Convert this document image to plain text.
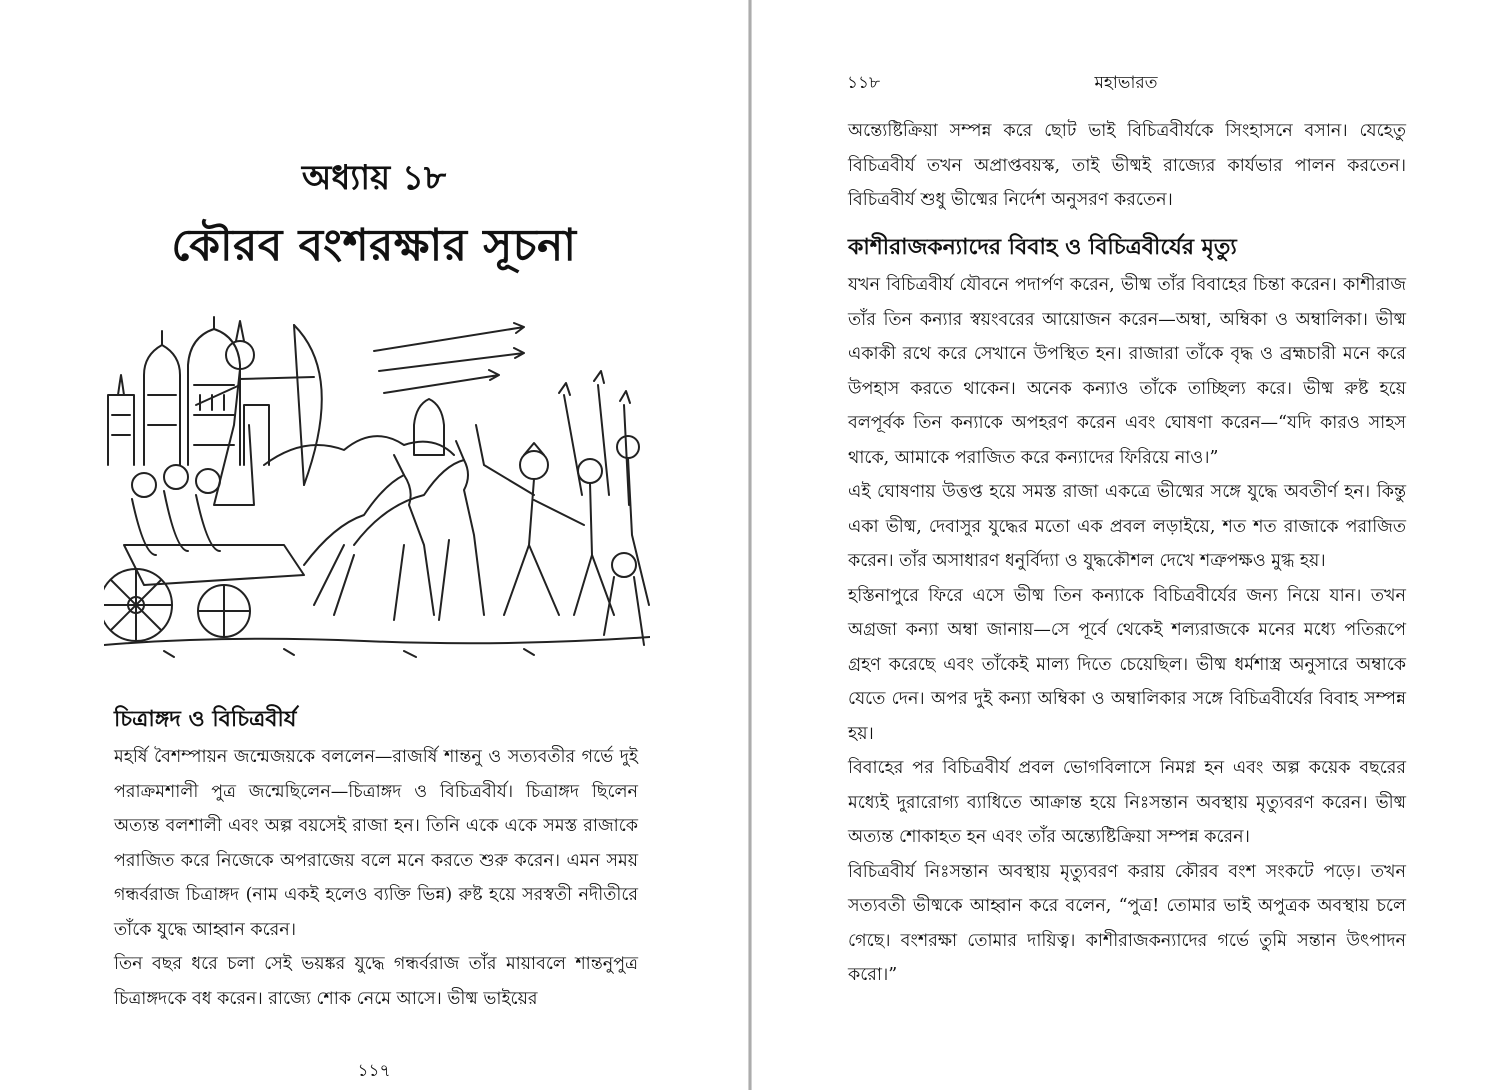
অধ্যায় ১৮
কৌরব বংশরক্ষার সূচনা
চিত্রাঙ্গদ ও বিচিত্রবীর্য

মহর্ষি বৈশম্পায়ন জন্মেজয়কে বললেন—রাজর্ষি শান্তনু ও সত্যবতীর গর্ভে দুই পরাক্রমশালী পুত্র জন্মেছিলেন—চিত্রাঙ্গদ ও বিচিত্রবীর্য। চিত্রাঙ্গদ ছিলেন অত্যন্ত বলশালী এবং অল্প বয়সেই রাজা হন। তিনি একে একে সমস্ত রাজাকে পরাজিত করে নিজেকে অপরাজেয় বলে মনে করতে শুরু করেন। এমন সময় গন্ধর্বরাজ চিত্রাঙ্গদ (নাম একই হলেও ব্যক্তি ভিন্ন) রুষ্ট হয়ে সরস্বতী নদীতীরে তাঁকে যুদ্ধে আহ্বান করেন।

তিন বছর ধরে চলা সেই ভয়ঙ্কর যুদ্ধে গন্ধর্বরাজ তাঁর মায়াবলে শান্তনুপুত্র চিত্রাঙ্গদকে বধ করেন। রাজ্যে শোক নেমে আসে। ভীষ্ম ভাইয়ের

১১৭
১১৮	মহাভারত

অন্ত্যেষ্টিক্রিয়া সম্পন্ন করে ছোট ভাই বিচিত্রবীর্যকে সিংহাসনে বসান। যেহেতু বিচিত্রবীর্য তখন অপ্রাপ্তবয়স্ক, তাই ভীষ্মই রাজ্যের কার্যভার পালন করতেন। বিচিত্রবীর্য শুধু ভীষ্মের নির্দেশ অনুসরণ করতেন।

কাশীরাজকন্যাদের বিবাহ ও বিচিত্রবীর্যের মৃত্যু

যখন বিচিত্রবীর্য যৌবনে পদার্পণ করেন, ভীষ্ম তাঁর বিবাহের চিন্তা করেন। কাশীরাজ তাঁর তিন কন্যার স্বয়ংবরের আয়োজন করেন—অম্বা, অম্বিকা ও অম্বালিকা। ভীষ্ম একাকী রথে করে সেখানে উপস্থিত হন। রাজারা তাঁকে বৃদ্ধ ও ব্রহ্মচারী মনে করে উপহাস করতে থাকেন। অনেক কন্যাও তাঁকে তাচ্ছিল্য করে। ভীষ্ম রুষ্ট হয়ে বলপূর্বক তিন কন্যাকে অপহরণ করেন এবং ঘোষণা করেন—“যদি কারও সাহস থাকে, আমাকে পরাজিত করে কন্যাদের ফিরিয়ে নাও।”

এই ঘোষণায় উত্তপ্ত হয়ে সমস্ত রাজা একত্রে ভীষ্মের সঙ্গে যুদ্ধে অবতীর্ণ হন। কিন্তু একা ভীষ্ম, দেবাসুর যুদ্ধের মতো এক প্রবল লড়াইয়ে, শত শত রাজাকে পরাজিত করেন। তাঁর অসাধারণ ধনুর্বিদ্যা ও যুদ্ধকৌশল দেখে শত্রুপক্ষও মুগ্ধ হয়।

হস্তিনাপুরে ফিরে এসে ভীষ্ম তিন কন্যাকে বিচিত্রবীর্যের জন্য নিয়ে যান। তখন অগ্রজা কন্যা অম্বা জানায়—সে পূর্বে থেকেই শল্যরাজকে মনের মধ্যে পতিরূপে গ্রহণ করেছে এবং তাঁকেই মাল্য দিতে চেয়েছিল। ভীষ্ম ধর্মশাস্ত্র অনুসারে অম্বাকে যেতে দেন। অপর দুই কন্যা অম্বিকা ও অম্বালিকার সঙ্গে বিচিত্রবীর্যের বিবাহ সম্পন্ন হয়।

বিবাহের পর বিচিত্রবীর্য প্রবল ভোগবিলাসে নিমগ্ন হন এবং অল্প কয়েক বছরের মধ্যেই দুরারোগ্য ব্যাধিতে আক্রান্ত হয়ে নিঃসন্তান অবস্থায় মৃত্যুবরণ করেন। ভীষ্ম অত্যন্ত শোকাহত হন এবং তাঁর অন্ত্যেষ্টিক্রিয়া সম্পন্ন করেন।

বিচিত্রবীর্য নিঃসন্তান অবস্থায় মৃত্যুবরণ করায় কৌরব বংশ সংকটে পড়ে। তখন সত্যবতী ভীষ্মকে আহ্বান করে বলেন, “পুত্র! তোমার ভাই অপুত্রক অবস্থায় চলে গেছে। বংশরক্ষা তোমার দায়িত্ব। কাশীরাজকন্যাদের গর্ভে তুমি সন্তান উৎপাদন করো।”
